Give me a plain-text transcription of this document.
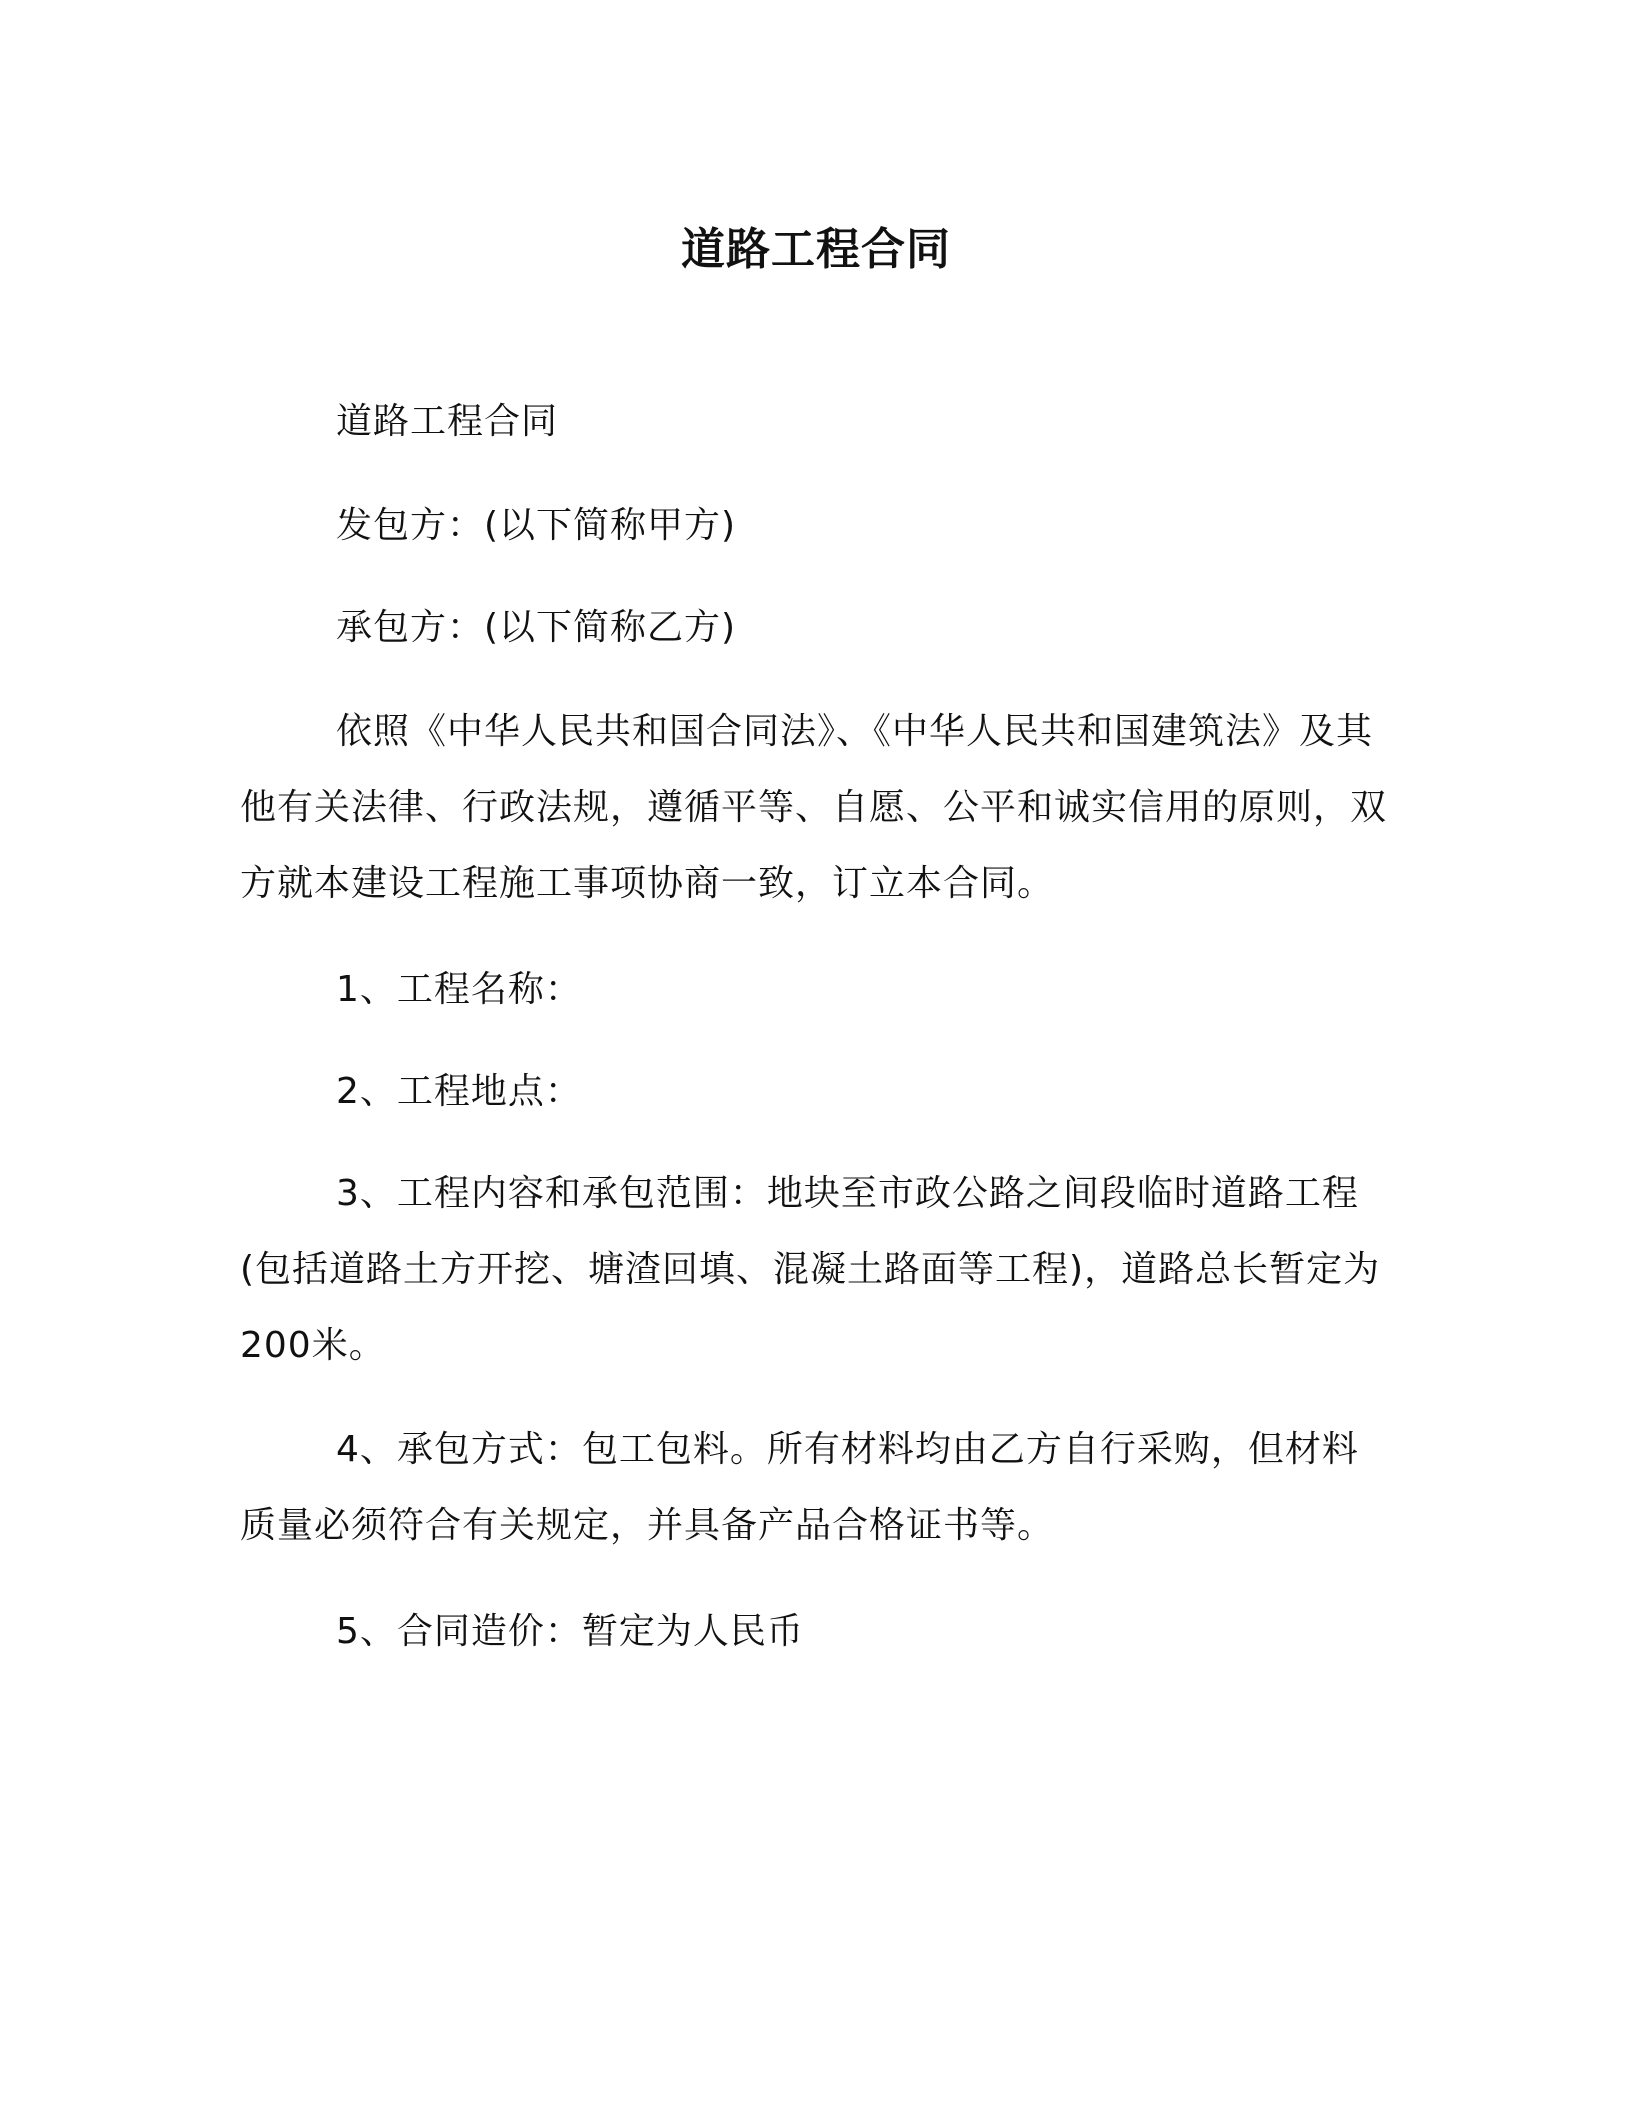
道路工程合同

道路工程合同

发包方：(以下简称甲方)

承包方：(以下简称乙方)

依照《中华人民共和国合同法》、《中华人民共和国建筑法》及其他有关法律、行政法规，遵循平等、自愿、公平和诚实信用的原则，双方就本建设工程施工事项协商一致，订立本合同。

1、工程名称：

2、工程地点：

3、工程内容和承包范围：地块至市政公路之间段临时道路工程(包括道路土方开挖、塘渣回填、混凝土路面等工程)，道路总长暂定为200米。

4、承包方式：包工包料。所有材料均由乙方自行采购，但材料质量必须符合有关规定，并具备产品合格证书等。

5、合同造价：暂定为人民币
